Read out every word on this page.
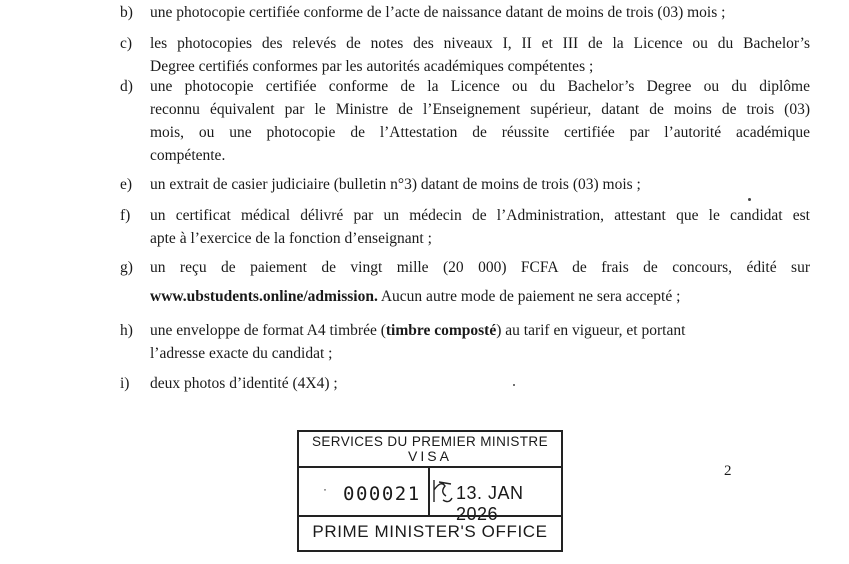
b)	une photocopie certifiée conforme de l’acte de naissance datant de moins de trois (03) mois ;
c)	les photocopies des relevés de notes des niveaux I, II et III de la Licence ou du Bachelor’s
Degree certifiés conformes par les autorités académiques compétentes ;
d)	une photocopie certifiée conforme de la Licence ou du Bachelor’s Degree ou du diplôme
reconnu équivalent par le Ministre de l’Enseignement supérieur, datant de moins de trois (03)
mois, ou une photocopie de l’Attestation de réussite certifiée par l’autorité académique
compétente.
e)	un extrait de casier judiciaire (bulletin n°3) datant de moins de trois (03) mois ;
f)	un certificat médical délivré par un médecin de l’Administration, attestant que le candidat est
apte à l’exercice de la fonction d’enseignant ;
g)	un reçu de paiement de vingt mille (20 000) FCFA de frais de concours, édité sur
www.ubstudents.online/admission. Aucun autre mode de paiement ne sera accepté ;
h)	une enveloppe de format A4 timbrée (timbre composté) au tarif en vigueur, et portant
l’adresse exacte du candidat ;
i)	deux photos d’identité (4X4) ;
SERVICES DU PREMIER MINISTRE
VISA
· 000021 13. JAN 2026
PRIME MINISTER'S OFFICE
2
